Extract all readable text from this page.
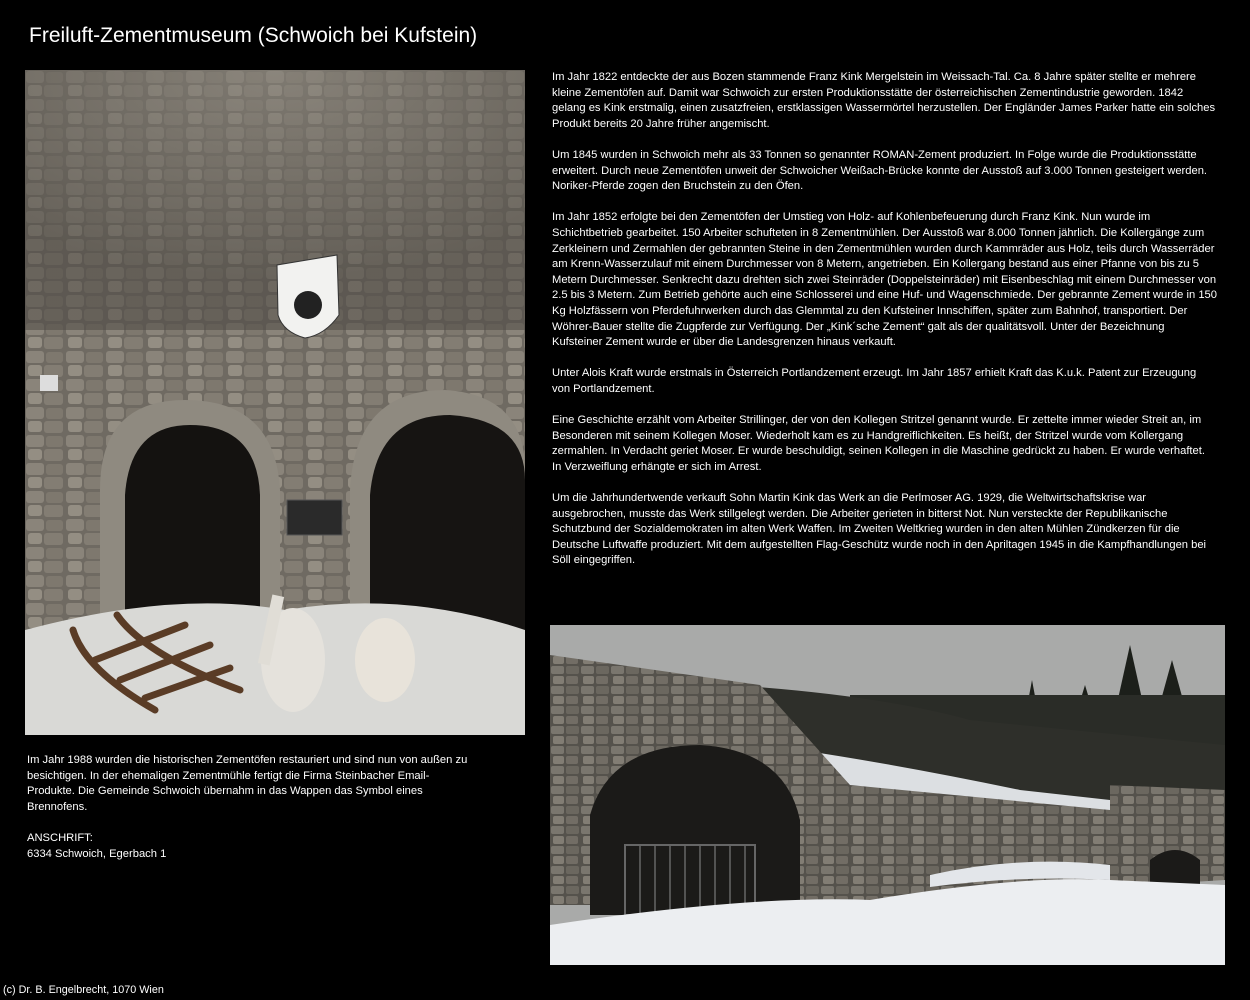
Freiluft-Zementmuseum (Schwoich bei Kufstein)

Im Jahr 1822 entdeckte der aus Bozen stammende Franz Kink Mergelstein im Weissach-Tal. Ca. 8 Jahre später stellte er mehrere kleine Zementöfen auf. Damit war Schwoich zur ersten Produktionsstätte der österreichischen Zementindustrie geworden. 1842 gelang es Kink erstmalig, einen zusatzfreien, erstklassigen Wassermörtel herzustellen. Der Engländer James Parker hatte ein solches Produkt bereits 20 Jahre früher angemischt.

Um 1845 wurden in Schwoich mehr als 33 Tonnen so genannter ROMAN-Zement produziert. In Folge wurde die Produktionsstätte erweitert. Durch neue Zementöfen unweit der Schwoicher Weißach-Brücke konnte der Ausstoß auf 3.000 Tonnen gesteigert werden. Noriker-Pferde zogen den Bruchstein zu den Öfen.

Im Jahr 1852 erfolgte bei den Zementöfen der Umstieg von Holz- auf Kohlenbefeuerung durch Franz Kink. Nun wurde im Schichtbetrieb gearbeitet. 150 Arbeiter schufteten in 8 Zementmühlen. Der Ausstoß war 8.000 Tonnen jährlich. Die Kollergänge zum Zerkleinern und Zermahlen der gebrannten Steine in den Zementmühlen wurden durch Kammräder aus Holz, teils durch Wasserräder am Krenn-Wasserzulauf mit einem Durchmesser von 8 Metern, angetrieben. Ein Kollergang bestand aus einer Pfanne von bis zu 5 Metern Durchmesser. Senkrecht dazu drehten sich zwei Steinräder (Doppelsteinräder) mit Eisenbeschlag mit einem Durchmesser von 2.5 bis 3 Metern. Zum Betrieb gehörte auch eine Schlosserei und eine Huf- und Wagenschmiede. Der gebrannte Zement wurde in 150 Kg Holzfässern von Pferdefuhrwerken durch das Glemmtal zu den Kufsteiner Innschiffen, später zum Bahnhof, transportiert. Der Wöhrer-Bauer stellte die Zugpferde zur Verfügung. Der „Kink´sche Zement“ galt als der qualitätsvoll. Unter der Bezeichnung Kufsteiner Zement wurde er über die Landesgrenzen hinaus verkauft.

Unter Alois Kraft wurde erstmals in Österreich Portlandzement erzeugt. Im Jahr 1857 erhielt Kraft das K.u.k. Patent zur Erzeugung von Portlandzement.

Eine Geschichte erzählt vom Arbeiter Strillinger, der von den Kollegen Stritzel genannt wurde. Er zettelte immer wieder Streit an, im Besonderen mit seinem Kollegen Moser. Wiederholt kam es zu Handgreiflichkeiten. Es heißt, der Stritzel wurde vom Kollergang zermahlen. In Verdacht geriet Moser. Er wurde beschuldigt, seinen Kollegen in die Maschine gedrückt zu haben. Er wurde verhaftet. In Verzweiflung erhängte er sich im Arrest.

Um die Jahrhundertwende verkauft Sohn Martin Kink das Werk an die Perlmoser AG. 1929, die Weltwirtschaftskrise war ausgebrochen, musste das Werk stillgelegt werden. Die Arbeiter gerieten in bitterst Not. Nun versteckte der Republikanische Schutzbund der Sozialdemokraten im alten Werk Waffen. Im Zweiten Weltkrieg wurden in den alten Mühlen Zündkerzen für die Deutsche Luftwaffe produziert. Mit dem aufgestellten Flag-Geschütz wurde noch in den Apriltagen 1945 in die Kampfhandlungen bei Söll eingegriffen.

Im Jahr 1988 wurden die historischen Zementöfen restauriert und sind nun von außen zu besichtigen. In der ehemaligen Zementmühle fertigt die Firma Steinbacher Email-Produkte. Die Gemeinde Schwoich übernahm in das Wappen das Symbol eines Brennofens.

ANSCHRIFT:
6334 Schwoich, Egerbach 1
(c) Dr. B. Engelbrecht, 1070 Wien
